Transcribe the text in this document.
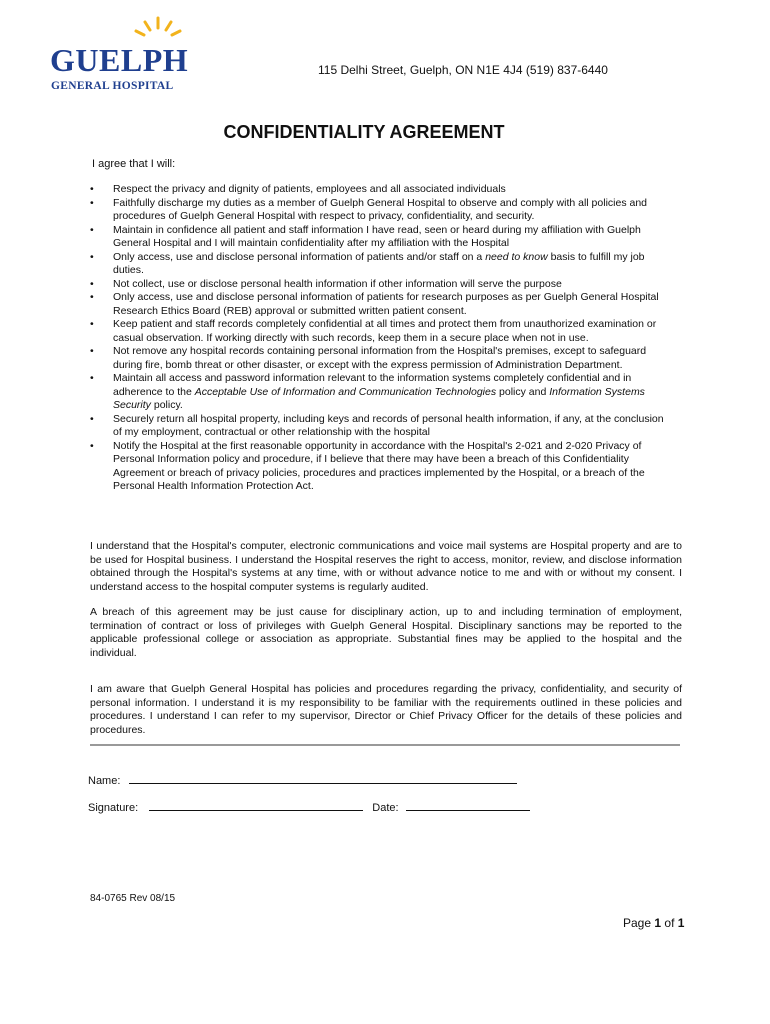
GUELPH
GENERAL HOSPITAL
115 Delhi Street, Guelph, ON N1E 4J4 (519) 837-6440
CONFIDENTIALITY AGREEMENT
I agree that I will:
• Respect the privacy and dignity of patients, employees and all associated individuals
• Faithfully discharge my duties as a member of Guelph General Hospital to observe and comply with all policies and procedures of Guelph General Hospital with respect to privacy, confidentiality, and security.
• Maintain in confidence all patient and staff information I have read, seen or heard during my affiliation with Guelph General Hospital and I will maintain confidentiality after my affiliation with the Hospital
• Only access, use and disclose personal information of patients and/or staff on a need to know basis to fulfill my job duties.
• Not collect, use or disclose personal health information if other information will serve the purpose
• Only access, use and disclose personal information of patients for research purposes as per Guelph General Hospital Research Ethics Board (REB) approval or submitted written patient consent.
• Keep patient and staff records completely confidential at all times and protect them from unauthorized examination or casual observation. If working directly with such records, keep them in a secure place when not in use.
• Not remove any hospital records containing personal information from the Hospital's premises, except to safeguard during fire, bomb threat or other disaster, or except with the express permission of Administration Department.
• Maintain all access and password information relevant to the information systems completely confidential and in adherence to the Acceptable Use of Information and Communication Technologies policy and Information Systems Security policy.
• Securely return all hospital property, including keys and records of personal health information, if any, at the conclusion of my employment, contractual or other relationship with the hospital
• Notify the Hospital at the first reasonable opportunity in accordance with the Hospital's 2-021 and 2-020 Privacy of Personal Information policy and procedure, if I believe that there may have been a breach of this Confidentiality Agreement or breach of privacy policies, procedures and practices implemented by the Hospital, or a breach of the Personal Health Information Protection Act.
I understand that the Hospital's computer, electronic communications and voice mail systems are Hospital property and are to be used for Hospital business. I understand the Hospital reserves the right to access, monitor, review, and disclose information obtained through the Hospital's systems at any time, with or without advance notice to me and with or without my consent. I understand access to the hospital computer systems is regularly audited.
A breach of this agreement may be just cause for disciplinary action, up to and including termination of employment, termination of contract or loss of privileges with Guelph General Hospital. Disciplinary sanctions may be reported to the applicable professional college or association as appropriate. Substantial fines may be applied to the hospital and the individual.
I am aware that Guelph General Hospital has policies and procedures regarding the privacy, confidentiality, and security of personal information. I understand it is my responsibility to be familiar with the requirements outlined in these policies and procedures. I understand I can refer to my supervisor, Director or Chief Privacy Officer for the details of these policies and procedures.
Name:
Signature:	Date:
84-0765 Rev 08/15
Page 1 of 1
